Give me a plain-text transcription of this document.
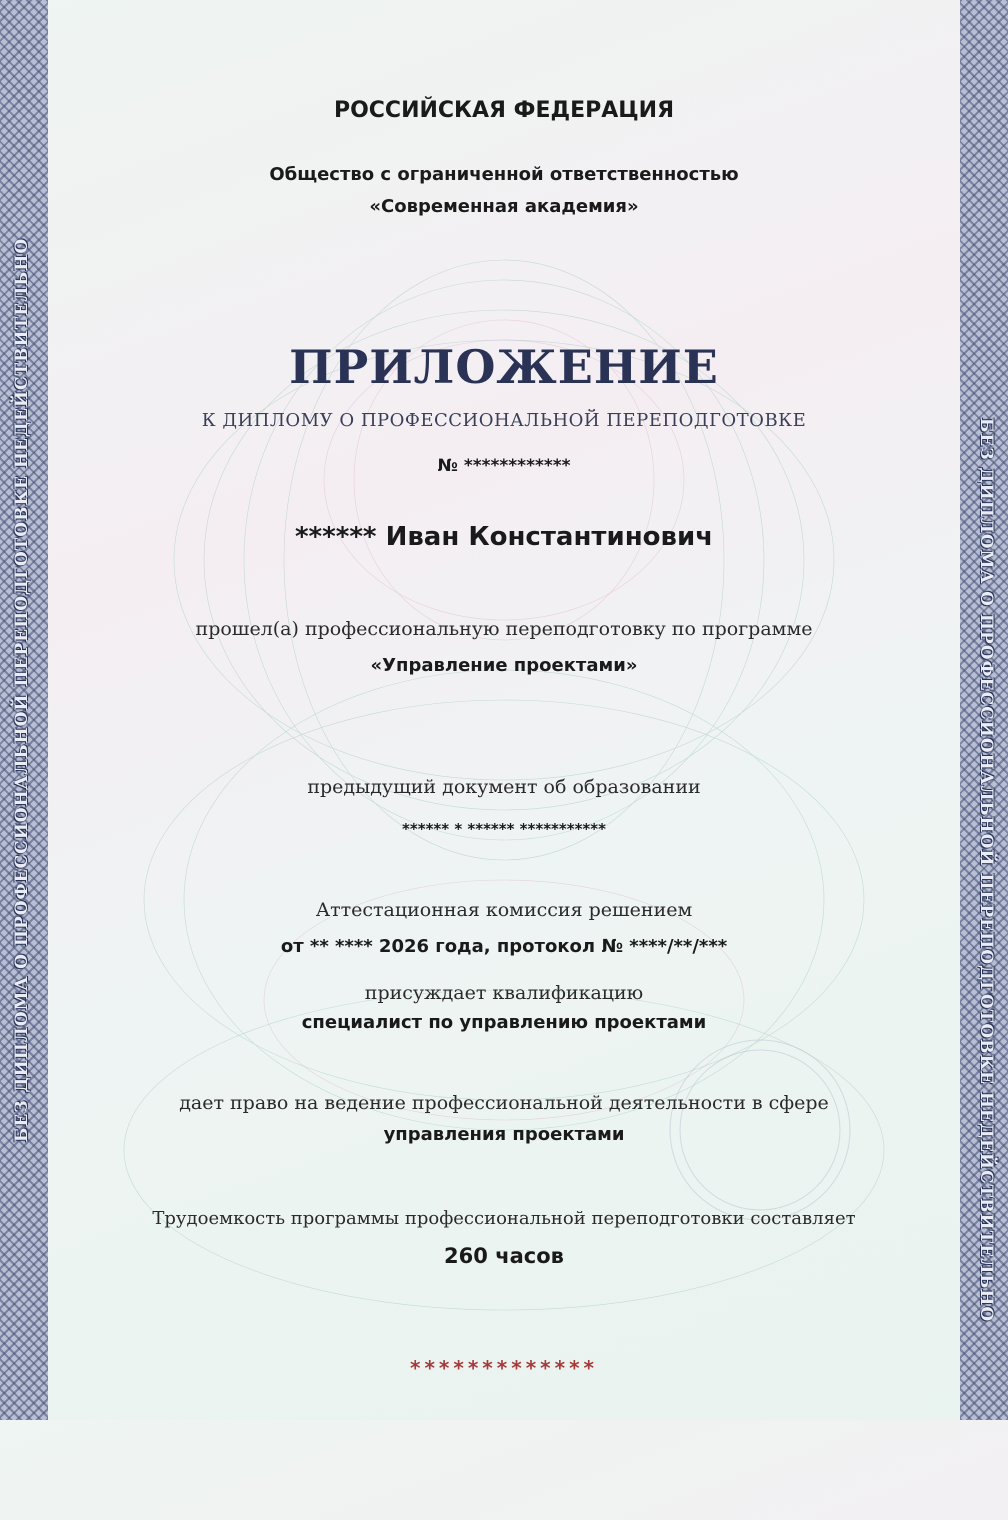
БЕЗ ДИПЛОМА О ПРОФЕССИОНАЛЬНОЙ ПЕРЕПОДГОТОВКЕ НЕДЕЙСТВИТЕЛЬНО	БЕЗ ДИПЛОМА О ПРОФЕССИОНАЛЬНОЙ ПЕРЕПОДГОТОВКЕ НЕДЕЙСТВИТЕЛЬНО
РОССИЙСКАЯ ФЕДЕРАЦИЯ
Общество с ограниченной ответственностью
«Современная академия»
ПРИЛОЖЕНИЕ
К ДИПЛОМУ О ПРОФЕССИОНАЛЬНОЙ ПЕРЕПОДГОТОВКЕ
№ ************
****** Иван Константинович
прошел(а) профессиональную переподготовку по программе
«Управление проектами»
предыдущий документ об образовании
****** * ****** ***********
Аттестационная комиссия решением
от ** **** 2026 года, протокол № ****/**/***
присуждает квалификацию
специалист по управлению проектами
дает право на ведение профессиональной деятельности в сфере
управления проектами
Трудоемкость программы профессиональной переподготовки составляет
260 часов
*************
